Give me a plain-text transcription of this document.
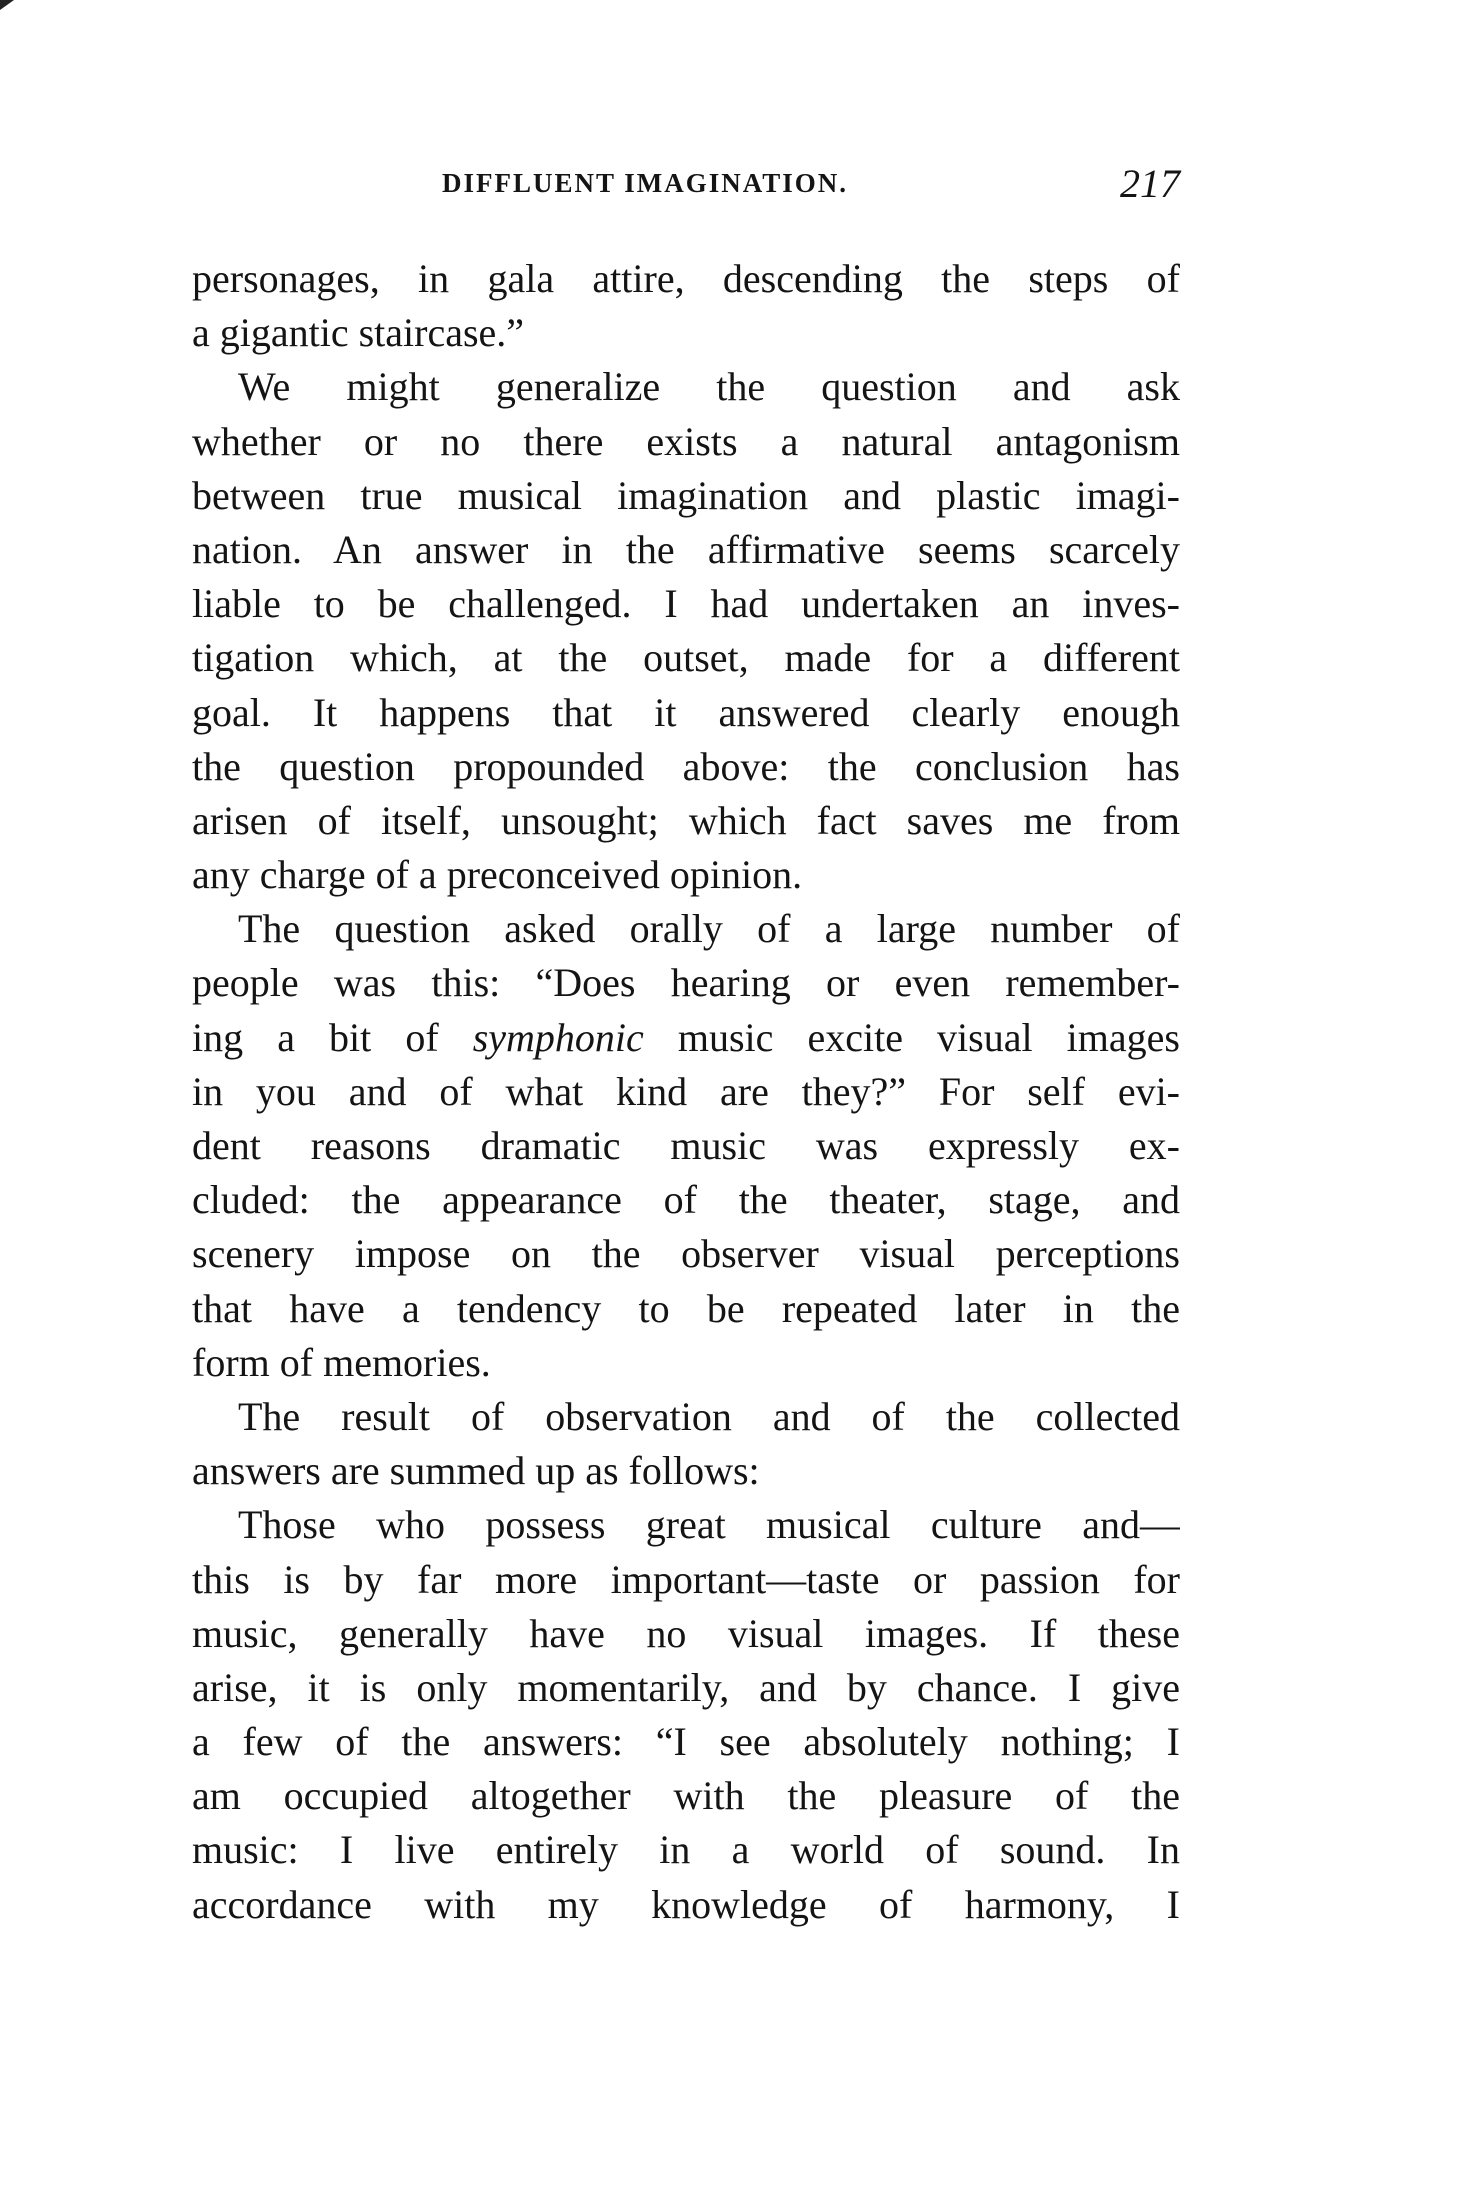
DIFFLUENT IMAGINATION.	217
personages, in gala attire, descending the steps of
a gigantic staircase.”
We might generalize the question and ask
whether or no there exists a natural antagonism
between true musical imagination and plastic imagi-
nation. An answer in the affirmative seems scarcely
liable to be challenged. I had undertaken an inves-
tigation which, at the outset, made for a different
goal. It happens that it answered clearly enough
the question propounded above: the conclusion has
arisen of itself, unsought; which fact saves me from
any charge of a preconceived opinion.
The question asked orally of a large number of
people was this: “Does hearing or even remember-
ing a bit of symphonic music excite visual images
in you and of what kind are they?” For self evi-
dent reasons dramatic music was expressly ex-
cluded: the appearance of the theater, stage, and
scenery impose on the observer visual perceptions
that have a tendency to be repeated later in the
form of memories.
The result of observation and of the collected
answers are summed up as follows:
Those who possess great musical culture and—
this is by far more important—taste or passion for
music, generally have no visual images. If these
arise, it is only momentarily, and by chance. I give
a few of the answers: “I see absolutely nothing; I
am occupied altogether with the pleasure of the
music: I live entirely in a world of sound. In
accordance with my knowledge of harmony, I
